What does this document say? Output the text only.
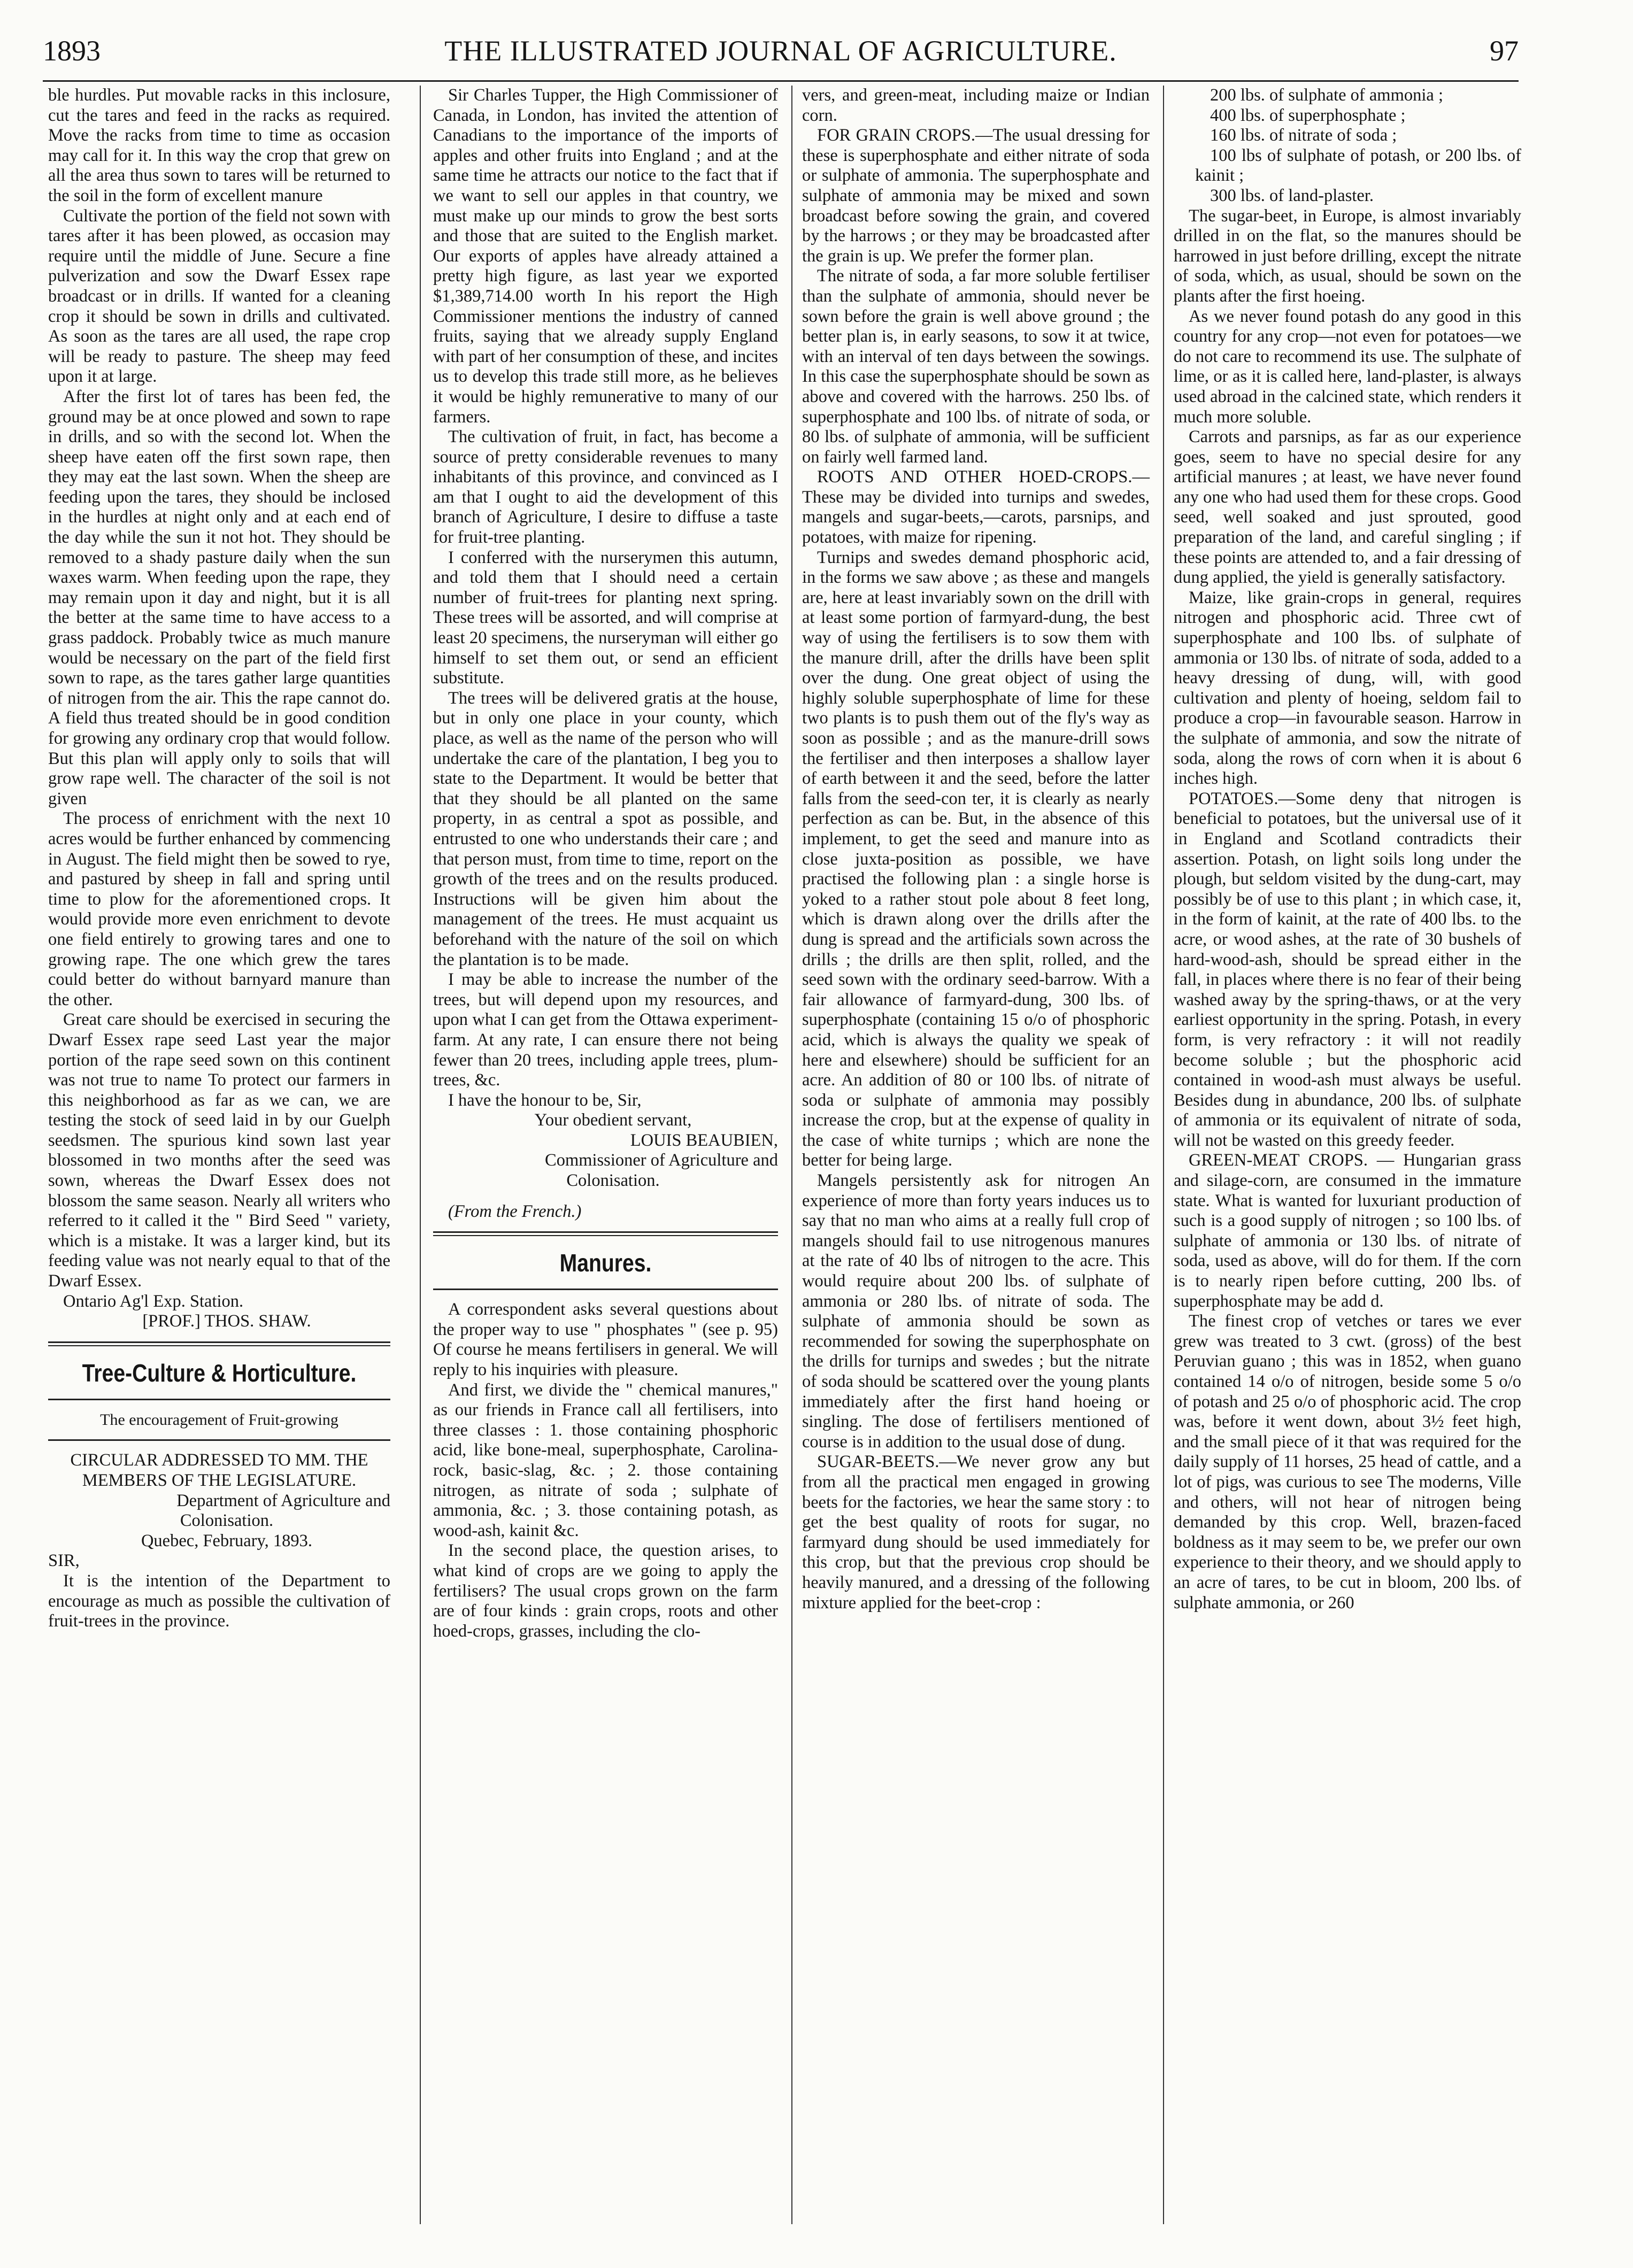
1893	THE ILLUSTRATED JOURNAL OF AGRICULTURE.	97

ble hurdles. Put movable racks in this inclosure, cut the tares and feed in the racks as required. Move the racks from time to time as occasion may call for it. In this way the crop that grew on all the area thus sown to tares will be returned to the soil in the form of excellent manure

Cultivate the portion of the field not sown with tares after it has been plowed, as occasion may require until the middle of June. Secure a fine pulverization and sow the Dwarf Essex rape broadcast or in drills. If wanted for a cleaning crop it should be sown in drills and cultivated. As soon as the tares are all used, the rape crop will be ready to pasture. The sheep may feed upon it at large.

After the first lot of tares has been fed, the ground may be at once plowed and sown to rape in drills, and so with the second lot. When the sheep have eaten off the first sown rape, then they may eat the last sown. When the sheep are feeding upon the tares, they should be inclosed in the hurdles at night only and at each end of the day while the sun it not hot. They should be removed to a shady pasture daily when the sun waxes warm. When feeding upon the rape, they may remain upon it day and night, but it is all the better at the same time to have access to a grass paddock. Probably twice as much manure would be necessary on the part of the field first sown to rape, as the tares gather large quantities of nitrogen from the air. This the rape cannot do. A field thus treated should be in good condition for growing any ordinary crop that would follow. But this plan will apply only to soils that will grow rape well. The character of the soil is not given

The process of enrichment with the next 10 acres would be further enhanced by commencing in August. The field might then be sowed to rye, and pastured by sheep in fall and spring until time to plow for the aforementioned crops. It would provide more even enrichment to devote one field entirely to growing tares and one to growing rape. The one which grew the tares could better do without barnyard manure than the other.

Great care should be exercised in securing the Dwarf Essex rape seed Last year the major portion of the rape seed sown on this continent was not true to name To protect our farmers in this neighborhood as far as we can, we are testing the stock of seed laid in by our Guelph seedsmen. The spurious kind sown last year blossomed in two months after the seed was sown, whereas the Dwarf Essex does not blossom the same season. Nearly all writers who referred to it called it the " Bird Seed " variety, which is a mistake. It was a larger kind, but its feeding value was not nearly equal to that of the Dwarf Essex.

Ontario Ag'l Exp. Station.

[PROF.] THOS. SHAW.

Tree-Culture & Horticulture.
The encouragement of Fruit-growing

CIRCULAR ADDRESSED TO MM. THE

MEMBERS OF THE LEGISLATURE.

Department of Agriculture and

Colonisation.

Quebec, February, 1893.

SIR,

It is the intention of the Department to encourage as much as possible the cultivation of fruit-trees in the province.

Sir Charles Tupper, the High Commissioner of Canada, in London, has invited the attention of Canadians to the importance of the imports of apples and other fruits into England ; and at the same time he attracts our notice to the fact that if we want to sell our apples in that country, we must make up our minds to grow the best sorts and those that are suited to the English market. Our exports of apples have already attained a pretty high figure, as last year we exported $1,389,714.00 worth In his report the High Commissioner mentions the industry of canned fruits, saying that we already supply England with part of her consumption of these, and incites us to develop this trade still more, as he believes it would be highly remunerative to many of our farmers.

The cultivation of fruit, in fact, has become a source of pretty considerable revenues to many inhabitants of this province, and convinced as I am that I ought to aid the development of this branch of Agriculture, I desire to diffuse a taste for fruit-tree planting.

I conferred with the nurserymen this autumn, and told them that I should need a certain number of fruit-trees for planting next spring. These trees will be assorted, and will comprise at least 20 specimens, the nurseryman will either go himself to set them out, or send an efficient substitute.

The trees will be delivered gratis at the house, but in only one place in your county, which place, as well as the name of the person who will undertake the care of the plantation, I beg you to state to the Department. It would be better that that they should be all planted on the same property, in as central a spot as possible, and entrusted to one who understands their care ; and that person must, from time to time, report on the growth of the trees and on the results produced. Instructions will be given him about the management of the trees. He must acquaint us beforehand with the nature of the soil on which the plantation is to be made.

I may be able to increase the number of the trees, but will depend upon my resources, and upon what I can get from the Ottawa experiment-farm. At any rate, I can ensure there not being fewer than 20 trees, including apple trees, plum-trees, &c.

I have the honour to be, Sir,

Your obedient servant,

LOUIS BEAUBIEN,

Commissioner of Agriculture and

Colonisation.

(From the French.)

Manures.

A correspondent asks several questions about the proper way to use " phosphates " (see p. 95) Of course he means fertilisers in general. We will reply to his inquiries with pleasure.

And first, we divide the " chemical manures," as our friends in France call all fertilisers, into three classes : 1. those containing phosphoric acid, like bone-meal, superphosphate, Carolina-rock, basic-slag, &c. ; 2. those containing nitrogen, as nitrate of soda ; sulphate of ammonia, &c. ; 3. those containing potash, as wood-ash, kainit &c.

In the second place, the question arises, to what kind of crops are we going to apply the fertilisers? The usual crops grown on the farm are of four kinds : grain crops, roots and other hoed-crops, grasses, including the clo-

vers, and green-meat, including maize or Indian corn.

FOR GRAIN CROPS.—The usual dressing for these is superphosphate and either nitrate of soda or sulphate of ammonia. The superphosphate and sulphate of ammonia may be mixed and sown broadcast before sowing the grain, and covered by the harrows ; or they may be broadcasted after the grain is up. We prefer the former plan.

The nitrate of soda, a far more soluble fertiliser than the sulphate of ammonia, should never be sown before the grain is well above ground ; the better plan is, in early seasons, to sow it at twice, with an interval of ten days between the sowings. In this case the superphosphate should be sown as above and covered with the harrows. 250 lbs. of superphosphate and 100 lbs. of nitrate of soda, or 80 lbs. of sulphate of ammonia, will be sufficient on fairly well farmed land.

ROOTS AND OTHER HOED-CROPS.—These may be divided into turnips and swedes, mangels and sugar-beets,—carots, parsnips, and potatoes, with maize for ripening.

Turnips and swedes demand phosphoric acid, in the forms we saw above ; as these and mangels are, here at least invariably sown on the drill with at least some portion of farmyard-dung, the best way of using the fertilisers is to sow them with the manure drill, after the drills have been split over the dung. One great object of using the highly soluble superphosphate of lime for these two plants is to push them out of the fly's way as soon as possible ; and as the manure-drill sows the fertiliser and then interposes a shallow layer of earth between it and the seed, before the latter falls from the seed-con ter, it is clearly as nearly perfection as can be. But, in the absence of this implement, to get the seed and manure into as close juxta-position as possible, we have practised the following plan : a single horse is yoked to a rather stout pole about 8 feet long, which is drawn along over the drills after the dung is spread and the artificials sown across the drills ; the drills are then split, rolled, and the seed sown with the ordinary seed-barrow. With a fair allowance of farmyard-dung, 300 lbs. of superphosphate (containing 15 o/o of phosphoric acid, which is always the quality we speak of here and elsewhere) should be sufficient for an acre. An addition of 80 or 100 lbs. of nitrate of soda or sulphate of ammonia may possibly increase the crop, but at the expense of quality in the case of white turnips ; which are none the better for being large.

Mangels persistently ask for nitrogen An experience of more than forty years induces us to say that no man who aims at a really full crop of mangels should fail to use nitrogenous manures at the rate of 40 lbs of nitrogen to the acre. This would require about 200 lbs. of sulphate of ammonia or 280 lbs. of nitrate of soda. The sulphate of ammonia should be sown as recommended for sowing the superphosphate on the drills for turnips and swedes ; but the nitrate of soda should be scattered over the young plants immediately after the first hand hoeing or singling. The dose of fertilisers mentioned of course is in addition to the usual dose of dung.

SUGAR-BEETS.—We never grow any but from all the practical men engaged in growing beets for the factories, we hear the same story : to get the best quality of roots for sugar, no farmyard dung should be used immediately for this crop, but that the previous crop should be heavily manured, and a dressing of the following mixture applied for the beet-crop :

200 lbs. of sulphate of ammonia ;

400 lbs. of superphosphate ;

160 lbs. of nitrate of soda ;

100 lbs of sulphate of potash, or 200 lbs. of kainit ;

300 lbs. of land-plaster.

The sugar-beet, in Europe, is almost invariably drilled in on the flat, so the manures should be harrowed in just before drilling, except the nitrate of soda, which, as usual, should be sown on the plants after the first hoeing.

As we never found potash do any good in this country for any crop—not even for potatoes—we do not care to recommend its use. The sulphate of lime, or as it is called here, land-plaster, is always used abroad in the calcined state, which renders it much more soluble.

Carrots and parsnips, as far as our experience goes, seem to have no special desire for any artificial manures ; at least, we have never found any one who had used them for these crops. Good seed, well soaked and just sprouted, good preparation of the land, and careful singling ; if these points are attended to, and a fair dressing of dung applied, the yield is generally satisfactory.

Maize, like grain-crops in general, requires nitrogen and phosphoric acid. Three cwt of superphosphate and 100 lbs. of sulphate of ammonia or 130 lbs. of nitrate of soda, added to a heavy dressing of dung, will, with good cultivation and plenty of hoeing, seldom fail to produce a crop—in favourable season. Harrow in the sulphate of ammonia, and sow the nitrate of soda, along the rows of corn when it is about 6 inches high.

POTATOES.—Some deny that nitrogen is beneficial to potatoes, but the universal use of it in England and Scotland contradicts their assertion. Potash, on light soils long under the plough, but seldom visited by the dung-cart, may possibly be of use to this plant ; in which case, it, in the form of kainit, at the rate of 400 lbs. to the acre, or wood ashes, at the rate of 30 bushels of hard-wood-ash, should be spread either in the fall, in places where there is no fear of their being washed away by the spring-thaws, or at the very earliest opportunity in the spring. Potash, in every form, is very refractory : it will not readily become soluble ; but the phosphoric acid contained in wood-ash must always be useful. Besides dung in abundance, 200 lbs. of sulphate of ammonia or its equivalent of nitrate of soda, will not be wasted on this greedy feeder.

GREEN-MEAT CROPS. — Hungarian grass and silage-corn, are consumed in the immature state. What is wanted for luxuriant production of such is a good supply of nitrogen ; so 100 lbs. of sulphate of ammonia or 130 lbs. of nitrate of soda, used as above, will do for them. If the corn is to nearly ripen before cutting, 200 lbs. of superphosphate may be add d.

The finest crop of vetches or tares we ever grew was treated to 3 cwt. (gross) of the best Peruvian guano ; this was in 1852, when guano contained 14 o/o of nitrogen, beside some 5 o/o of potash and 25 o/o of phosphoric acid. The crop was, before it went down, about 3½ feet high, and the small piece of it that was required for the daily supply of 11 horses, 25 head of cattle, and a lot of pigs, was curious to see The moderns, Ville and others, will not hear of nitrogen being demanded by this crop. Well, brazen-faced boldness as it may seem to be, we prefer our own experience to their theory, and we should apply to an acre of tares, to be cut in bloom, 200 lbs. of sulphate ammonia, or 260
